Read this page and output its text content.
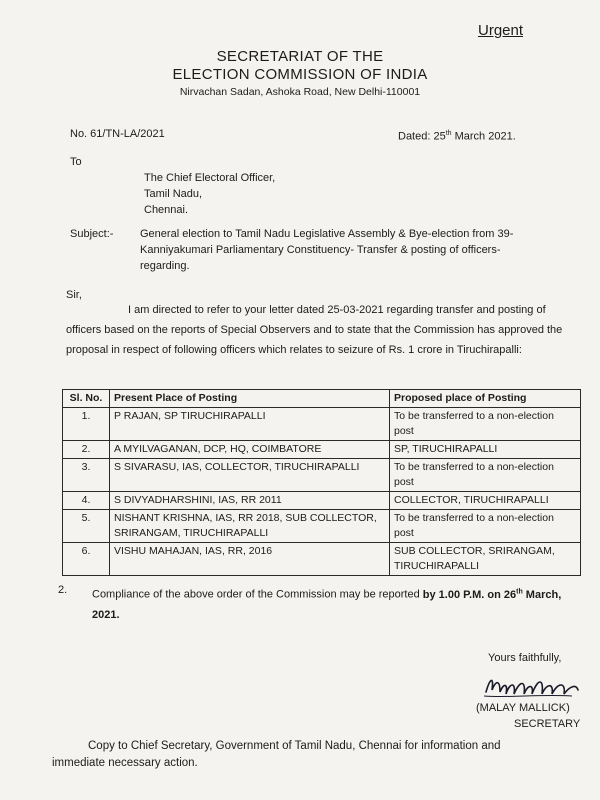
Urgent
SECRETARIAT OF THE
ELECTION COMMISSION OF INDIA
Nirvachan Sadan, Ashoka Road, New Delhi-110001
No. 61/TN-LA/2021	Dated: 25th March 2021.
To
The Chief Electoral Officer,
Tamil Nadu,
Chennai.
Subject:- General election to Tamil Nadu Legislative Assembly & Bye-election from 39-Kanniyakumari Parliamentary Constituency- Transfer & posting of officers-regarding.
Sir,
I am directed to refer to your letter dated 25-03-2021 regarding transfer and posting of officers based on the reports of Special Observers and to state that the Commission has approved the proposal in respect of following officers which relates to seizure of Rs. 1 crore in Tiruchirapalli:
Sl. No.	Present Place of Posting	Proposed place of Posting
1.	P RAJAN, SP TIRUCHIRAPALLI	To be transferred to a non-election post
2.	A MYILVAGANAN, DCP, HQ, COIMBATORE	SP, TIRUCHIRAPALLI
3.	S SIVARASU, IAS, COLLECTOR, TIRUCHIRAPALLI	To be transferred to a non-election post
4.	S DIVYADHARSHINI, IAS, RR 2011	COLLECTOR, TIRUCHIRAPALLI
5.	NISHANT KRISHNA, IAS, RR 2018, SUB COLLECTOR, SRIRANGAM, TIRUCHIRAPALLI	To be transferred to a non-election post
6.	VISHU MAHAJAN, IAS, RR, 2016	SUB COLLECTOR, SRIRANGAM, TIRUCHIRAPALLI
2. Compliance of the above order of the Commission may be reported by 1.00 P.M. on 26th March, 2021.
Yours faithfully,
(MALAY MALLICK)
SECRETARY
Copy to Chief Secretary, Government of Tamil Nadu, Chennai for information and immediate necessary action.
